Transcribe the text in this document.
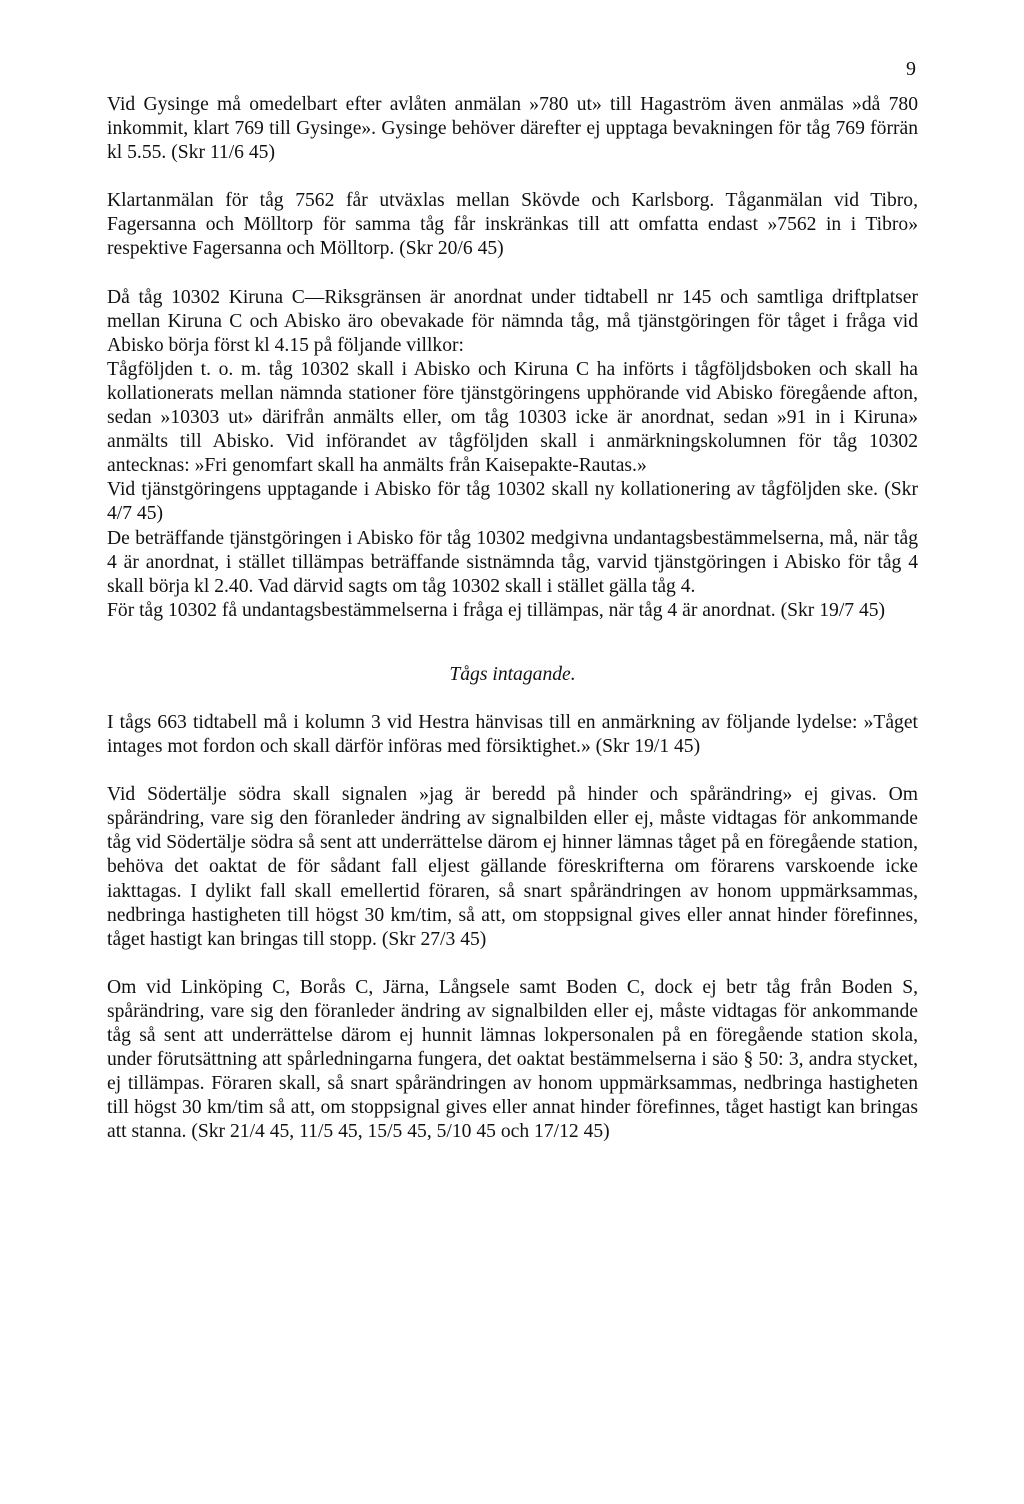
9

Vid Gysinge må omedelbart efter avlåten anmälan »780 ut» till Hagaström även anmälas »då 780 inkommit, klart 769 till Gysinge». Gysinge behöver därefter ej upptaga bevakningen för tåg 769 förrän kl 5.55. (Skr 11/6 45)

Klartanmälan för tåg 7562 får utväxlas mellan Skövde och Karlsborg. Tåganmälan vid Tibro, Fagersanna och Mölltorp för samma tåg får inskränkas till att omfatta endast »7562 in i Tibro» respektive Fagersanna och Mölltorp. (Skr 20/6 45)

Då tåg 10302 Kiruna C—Riksgränsen är anordnat under tidtabell nr 145 och samtliga driftplatser mellan Kiruna C och Abisko äro obevakade för nämnda tåg, må tjänstgöringen för tåget i fråga vid Abisko börja först kl 4.15 på följande villkor:

Tågföljden t. o. m. tåg 10302 skall i Abisko och Kiruna C ha införts i tågföljdsboken och skall ha kollationerats mellan nämnda stationer före tjänstgöringens upphörande vid Abisko föregående afton, sedan »10303 ut» därifrån anmälts eller, om tåg 10303 icke är anordnat, sedan »91 in i Kiruna» anmälts till Abisko. Vid införandet av tågföljden skall i anmärkningskolumnen för tåg 10302 antecknas: »Fri genomfart skall ha anmälts från Kaisepakte-Rautas.»

Vid tjänstgöringens upptagande i Abisko för tåg 10302 skall ny kollationering av tågföljden ske. (Skr 4/7 45)

De beträffande tjänstgöringen i Abisko för tåg 10302 medgivna undantagsbestämmelserna, må, när tåg 4 är anordnat, i stället tillämpas beträffande sistnämnda tåg, varvid tjänstgöringen i Abisko för tåg 4 skall börja kl 2.40. Vad därvid sagts om tåg 10302 skall i stället gälla tåg 4.

För tåg 10302 få undantagsbestämmelserna i fråga ej tillämpas, när tåg 4 är anordnat. (Skr 19/7 45)

Tågs intagande.

I tågs 663 tidtabell må i kolumn 3 vid Hestra hänvisas till en anmärkning av följande lydelse: »Tåget intages mot fordon och skall därför införas med försiktighet.» (Skr 19/1 45)

Vid Södertälje södra skall signalen »jag är beredd på hinder och spårändring» ej givas. Om spårändring, vare sig den föranleder ändring av signalbilden eller ej, måste vidtagas för ankommande tåg vid Södertälje södra så sent att underrättelse därom ej hinner lämnas tåget på en föregående station, behöva det oaktat de för sådant fall eljest gällande föreskrifterna om förarens varskoende icke iakttagas. I dylikt fall skall emellertid föraren, så snart spårändringen av honom uppmärksammas, nedbringa hastigheten till högst 30 km/tim, så att, om stoppsignal gives eller annat hinder förefinnes, tåget hastigt kan bringas till stopp. (Skr 27/3 45)

Om vid Linköping C, Borås C, Järna, Långsele samt Boden C, dock ej betr tåg från Boden S, spårändring, vare sig den föranleder ändring av signalbilden eller ej, måste vidtagas för ankommande tåg så sent att underrättelse därom ej hunnit lämnas lokpersonalen på en föregående station skola, under förutsättning att spårledningarna fungera, det oaktat bestämmelserna i säo § 50: 3, andra stycket, ej tillämpas. Föraren skall, så snart spårändringen av honom uppmärksammas, nedbringa hastigheten till högst 30 km/tim så att, om stoppsignal gives eller annat hinder förefinnes, tåget hastigt kan bringas att stanna. (Skr 21/4 45, 11/5 45, 15/5 45, 5/10 45 och 17/12 45)
